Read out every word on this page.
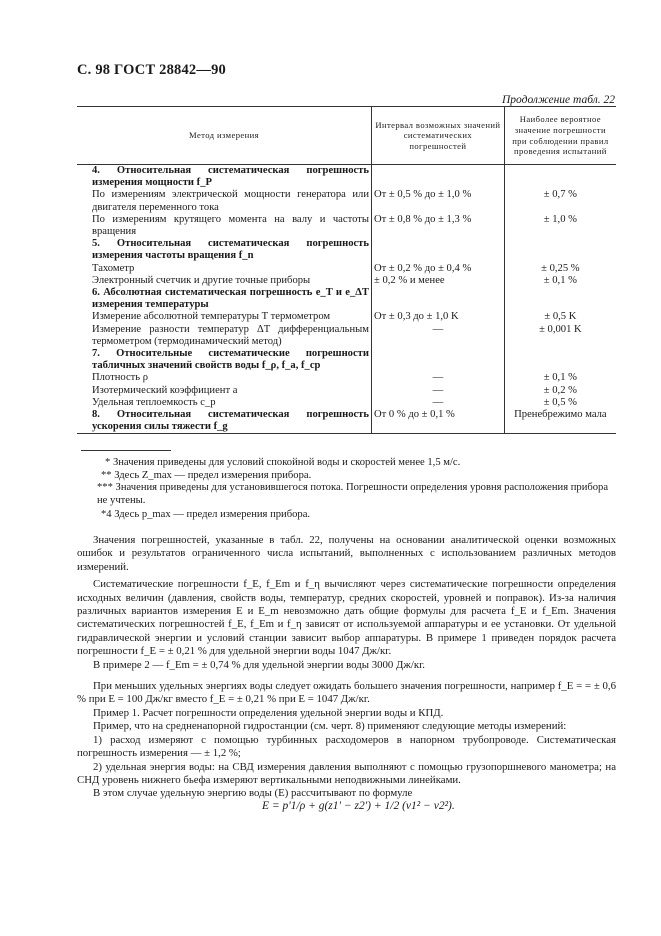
С. 98 ГОСТ 28842—90
Продолжение табл. 22
Метод измерения	Интервал возможных значений систематических погрешностей	Наиболее вероятное значение погрешности при соблюдении правил проведения испытаний
4. Относительная систематическая погрешность измерения мощности f_P		
По измерениям электрической мощности генератора или двигателя переменного тока	От ± 0,5 % до ± 1,0 %	± 0,7 %
По измерениям крутящего момента на валу и частоты вращения	От ± 0,8 % до ± 1,3 %	± 1,0 %
5. Относительная систематическая погрешность измерения частоты вращения f_n		
Тахометр	От ± 0,2 % до ± 0,4 %	± 0,25 %
Электронный счетчик и другие точные приборы	± 0,2 % и менее	± 0,1 %
6. Абсолютная систематическая погрешность e_T и e_ΔT измерения температуры		
Измерение абсолютной температуры T термометром	От ± 0,3 до ± 1,0 K	± 0,5 K
Измерение разности температур ΔT дифференциальным термометром (термодинамический метод)	—	± 0,001 K
7. Относительные систематические погрешности табличных значений свойств воды f_ρ, f_a, f_cp		
Плотность ρ	—	± 0,1 %
Изотермический коэффициент a	—	± 0,2 %
Удельная теплоемкость c_p	—	± 0,5 %
8. Относительная систематическая погрешность ускорения силы тяжести f_g	От 0 % до ± 0,1 %	Пренебрежимо мала

* Значения приведены для условий спокойной воды и скоростей менее 1,5 м/с.

** Здесь Z_max — предел измерения прибора.

*** Значения приведены для установившегося потока. Погрешности определения уровня расположения прибора не учтены.

*4 Здесь p_max — предел измерения прибора.

Значения погрешностей, указанные в табл. 22, получены на основании аналитической оценки возможных ошибок и результатов ограниченного числа испытаний, выполненных с использованием различных методов измерений.

Систематические погрешности f_E, f_Em и f_η вычисляют через систематические погрешности определения исходных величин (давления, свойств воды, температур, средних скоростей, уровней и поправок). Из-за наличия различных вариантов измерения E и E_m невозможно дать общие формулы для расчета f_E и f_Em. Значения систематических погрешностей f_E, f_Em и f_η зависят от используемой аппаратуры и ее установки. От удельной гидравлической энергии и условий станции зависит выбор аппаратуры. В примере 1 приведен порядок расчета погрешности f_E = ± 0,21 % для удельной энергии воды 1047 Дж/кг.

В примере 2 — f_Em = ± 0,74 % для удельной энергии воды 3000 Дж/кг.

При меньших удельных энергиях воды следует ожидать большего значения погрешности, например f_E = = ± 0,6 % при E = 100 Дж/кг вместо f_E = ± 0,21 % при E = 1047 Дж/кг.

Пример 1. Расчет погрешности определения удельной энергии воды и КПД.

Пример, что на средненапорной гидростанции (см. черт. 8) применяют следующие методы измерений:

1) расход измеряют с помощью турбинных расходомеров в напорном трубопроводе. Систематическая погрешность измерения — ± 1,2 %;

2) удельная энергия воды: на СВД измерения давления выполняют с помощью грузопоршневого манометра; на СНД уровень нижнего бьефа измеряют вертикальными неподвижными линейками.

В этом случае удельную энергию воды (E) рассчитывают по формуле

E = p'1/ρ + g(z1' − z2') + 1/2 (v1² − v2²).
